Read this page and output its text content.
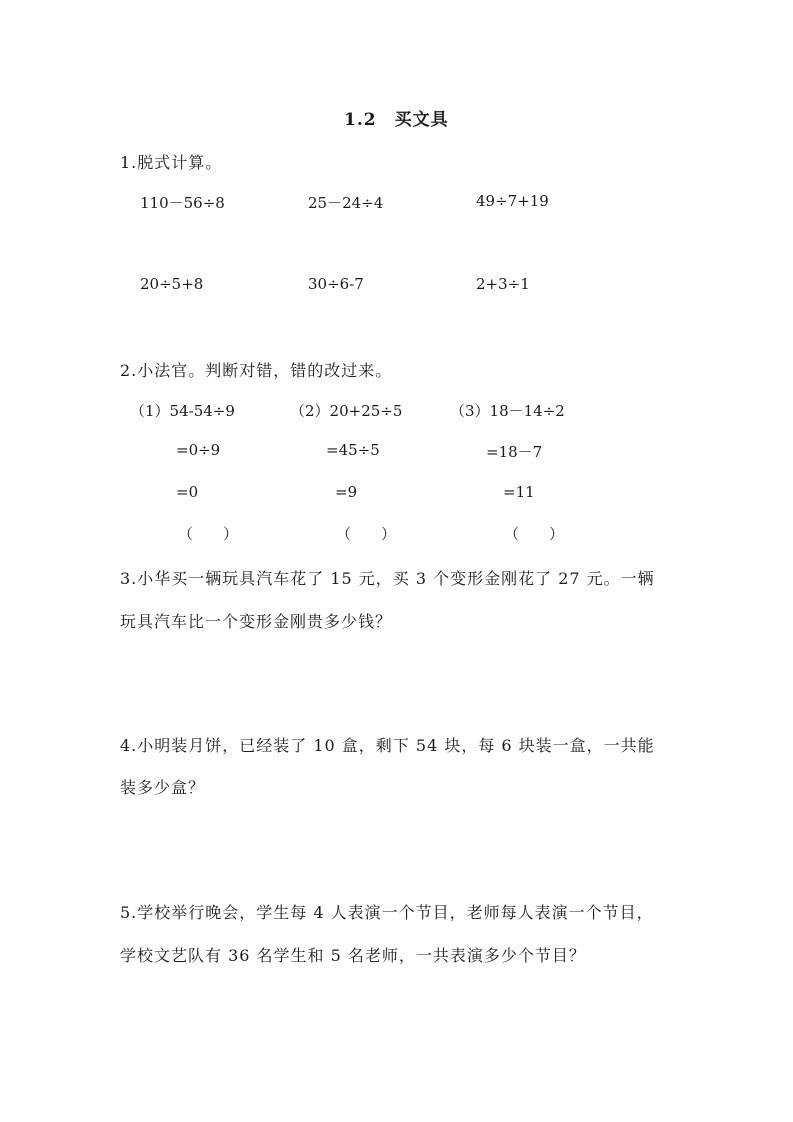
1.2　买文具
1.脱式计算。
110－56÷8	25－24÷4	49÷7+19
20÷5+8	30÷6-7	2+3÷1
2.小法官。判断对错，错的改过来。
（1）54-54÷9
=0÷9
=0
（　　）
（2）20+25÷5
=45÷5
=9
（　　）
（3）18－14÷2
=18－7
=11
（　　）
3.小华买一辆玩具汽车花了 15 元，买 3 个变形金刚花了 27 元。一辆
玩具汽车比一个变形金刚贵多少钱？
4.小明装月饼，已经装了 10 盒，剩下 54 块，每 6 块装一盒，一共能
装多少盒？
5.学校举行晚会，学生每 4 人表演一个节目，老师每人表演一个节目，
学校文艺队有 36 名学生和 5 名老师，一共表演多少个节目？
